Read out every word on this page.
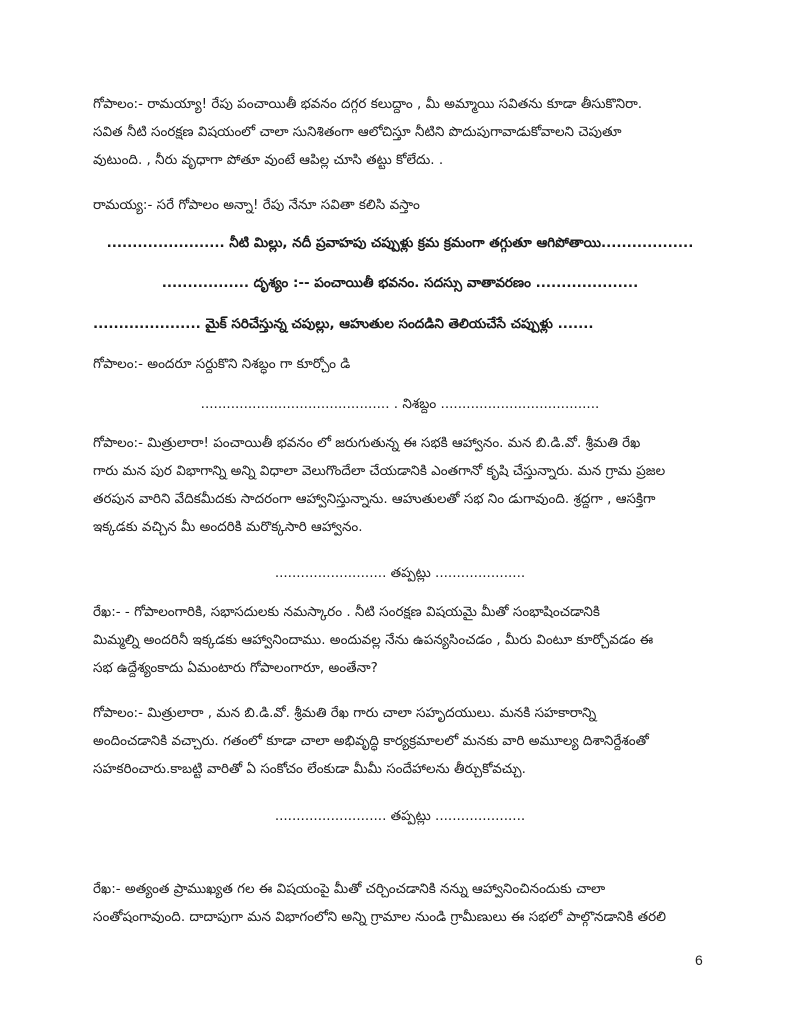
గోపాలం:- రామయ్యా! రేపు పంచాయితీ భవనం దగ్గర కలుద్దాం , మీ అమ్మాయి సవితను కూడా తీసుకొనిరా.
సవిత నీటి సంరక్షణ విషయంలో చాలా సునిశితంగా ఆలోచిస్తూ నీటిని పొదుపుగావాడుకోవాలని చెపుతూ
వుటుంది. , నీరు వృధాగా పోతూ వుంటే ఆపిల్ల చూసి తట్టు కోలేదు. .
రామయ్య:- సరే గోపాలం అన్నా! రేపు నేనూ సవితా కలిసి వస్తాం
....................... నీటి మిల్లు, నదీ ప్రవాహపు చప్పుళ్లు క్రమ క్రమంగా తగ్గుతూ ఆగిపోతాయి..................
................. దృశ్యం :-- పంచాయితీ భవనం. సదస్సు వాతావరణం ....................
..................... మైక్ సరిచేస్తున్న చపుల్లు, ఆహుతుల సందడిని తెలియచేసే చప్పుళ్లు .......
గోపాలం:- అందరూ సర్దుకొని నిశబ్ధం గా కూర్చోం డి
............................................ . నిశబ్దం .....................................
గోపాలం:- మిత్రులారా! పంచాయితీ భవనం లో జరుగుతున్న ఈ సభకి ఆహ్వానం. మన బి.డి.వో. శ్రీమతి రేఖ
గారు మన పుర విభాగాన్ని అన్ని విధాలా వెలుగొందేలా చేయడానికి ఎంతగానో కృషి చేస్తున్నారు. మన గ్రామ ప్రజల
తరపున వారిని వేదికమీదకు సాదరంగా ఆహ్వానిస్తున్నాను. ఆహుతులతో సభ నిం డుగావుంది. శ్రద్దగా , ఆసక్తిగా
ఇక్కడకు వచ్చిన మీ అందరికి మరొక్కసారి ఆహ్వానం.
.......................... తప్పట్లు .....................
రేఖ:- - గోపాలంగారికి, సభాసదులకు నమస్కారం . నీటి సంరక్షణ విషయమై మీతో సంభాషించడానికి
మిమ్మల్ని అందరినీ ఇక్కడకు ఆహ్వానిందాము. అందువల్ల నేను ఉపన్యసించడం , మీరు వింటూ కూర్చోవడం ఈ
సభ ఉద్దేశ్యంకాదు ఏమంటారు గోపాలంగారూ, అంతేనా?
గోపాలం:- మిత్రులారా , మన బి.డి.వో. శ్రీమతి రేఖ గారు చాలా సహృదయులు. మనకి సహకారాన్ని
అందించడానికి వచ్చారు. గతంలో కూడా చాలా అభివృద్ధి కార్యక్రమాలలో మనకు వారి అమూల్య దిశానిర్దేశంతో
సహకరించారు.కాబట్టి వారితో ఏ సంకోచం లేంకుడా మీమీ సందేహాలను తీర్చుకోవచ్చు.
.......................... తప్పట్లు .....................
రేఖ:- అత్యంత ప్రాముఖ్యత గల ఈ విషయంపై మీతో చర్చించడానికి నన్ను ఆహ్వానించినందుకు చాలా
సంతోషంగావుంది. దాదాపుగా మన విభాగంలోని అన్ని గ్రామాల నుండి గ్రామీణులు ఈ సభలో పాల్గొనడానికి తరలి
6
